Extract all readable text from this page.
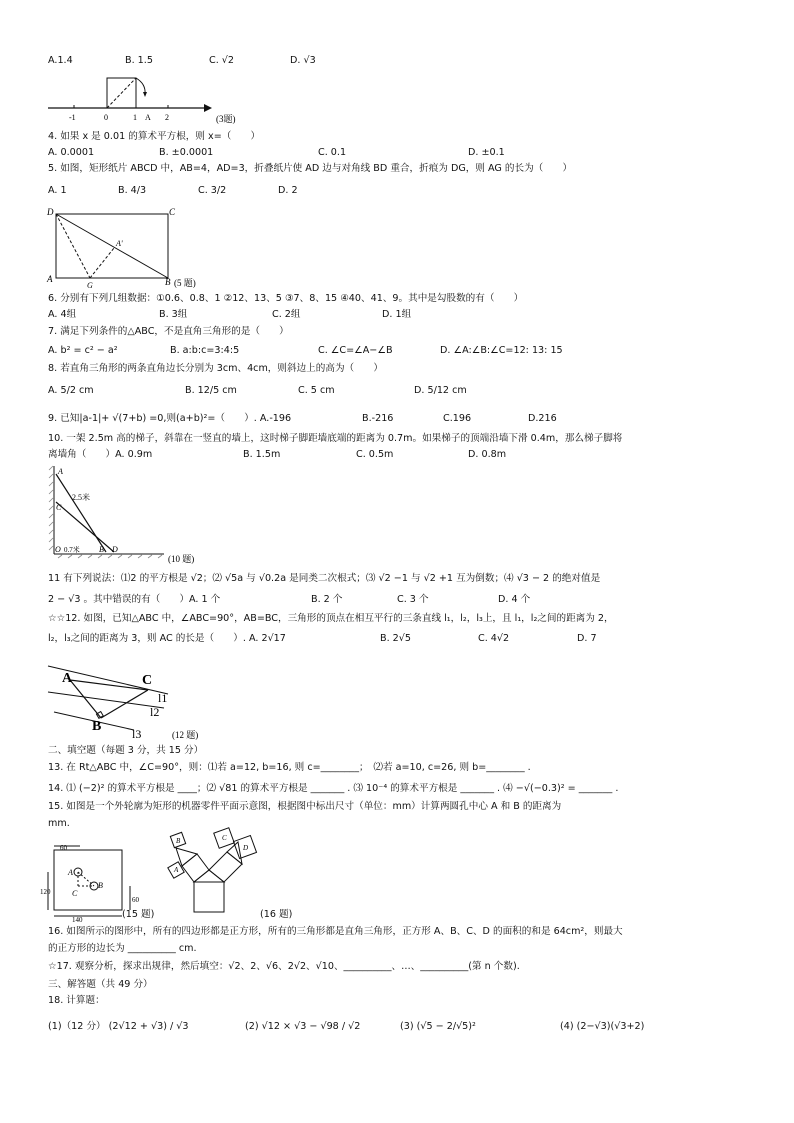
A.1.4	B. 1.5	C. √2	D. √3
-1	0	1 A 2	(3题)
4. 如果 x 是 0.01 的算术平方根，则 x=（　　）
A. 0.0001	B. ±0.0001	C. 0.1	D. ±0.1
5. 如图，矩形纸片 ABCD 中，AB=4，AD=3，折叠纸片使 AD 边与对角线 BD 重合，折痕为 DG，则 AG 的长为（　　）
A. 1	B. 4/3	C. 3/2	D. 2
D	C
A'
A
G	B (5 题)
6. 分别有下列几组数据：①0.6、0.8、1 ②12、13、5 ③7、8、15 ④40、41、9。其中是勾股数的有（　　）
A. 4组	B. 3组	C. 2组	D. 1组
7. 满足下列条件的△ABC，不是直角三角形的是（　　）
A. b² = c² − a²	B. a:b:c=3:4:5	C. ∠C=∠A−∠B	D. ∠A:∠B:∠C=12: 13: 15
8. 若直角三角形的两条直角边长分别为 3cm、4cm，则斜边上的高为（　　）
A. 5/2 cm	B. 12/5 cm	C. 5 cm	D. 5/12 cm
9. 已知|a-1|+ √(7+b) =0,则(a+b)²=（　　）. A.-196	B.-216	C.196	D.216
10. 一架 2.5m 高的梯子，斜靠在一竖直的墙上，这时梯子脚距墙底端的距离为 0.7m。如果梯子的顶端沿墙下滑 0.4m，那么梯子脚将
离墙角（　　）A. 0.9m	B. 1.5m	C. 0.5m	D. 0.8m
A
2.5米
C
O 0.7米 B D
(10 题)
11 有下列说法：⑴2 的平方根是 √2；⑵ √5a 与 √0.2a 是同类二次根式；⑶ √2 −1 与 √2 +1 互为倒数；⑷ √3 − 2 的绝对值是
2 − √3 。其中错误的有（　　）A. 1 个	B. 2 个	C. 3 个	D. 4 个
☆☆12. 如图，已知△ABC 中，∠ABC=90°，AB=BC，三角形的顶点在相互平行的三条直线 l₁，l₂，l₃上，且 l₁，l₂之间的距离为 2，
l₂，l₃之间的距离为 3，则 AC 的长是（　　）. A. 2√17	B. 2√5	C. 4√2	D. 7
A	C
l1
l2
B	l3	(12 题)
二、填空题（每题 3 分，共 15 分）
13. 在 Rt△ABC 中，∠C=90°，则：⑴若 a=12, b=16, 则 c=________；　⑵若 a=10, c=26, 则 b=________ .
14. ⑴ (−2)² 的算术平方根是 ____；⑵ √81 的算术平方根是 _______ . ⑶ 10⁻⁴ 的算术平方根是 _______ . ⑷ −√(−0.3)² = _______ .
15. 如图是一个外轮廓为矩形的机器零件平面示意图，根据图中标出尺寸（单位：mm）计算两圆孔中心 A 和 B 的距离为
mm.
60
A
B
120	C
60
140	(15 题)
A
B	C
D
(16 题)
16. 如图所示的图形中，所有的四边形都是正方形，所有的三角形都是直角三角形，正方形 A、B、C、D 的面积的和是 64cm²，则最大
的正方形的边长为 __________ cm.
☆17. 观察分析，探求出规律，然后填空：√2、2、√6、2√2、√10、__________、…、__________(第 n 个数).
三、解答题（共 49 分）
18. 计算题：
(1)（12 分） (2√12 + √3) / √3	(2) √12 × √3 − √98 / √2	(3) (√5 − 2/√5)²	(4) (2−√3)(√3+2)
